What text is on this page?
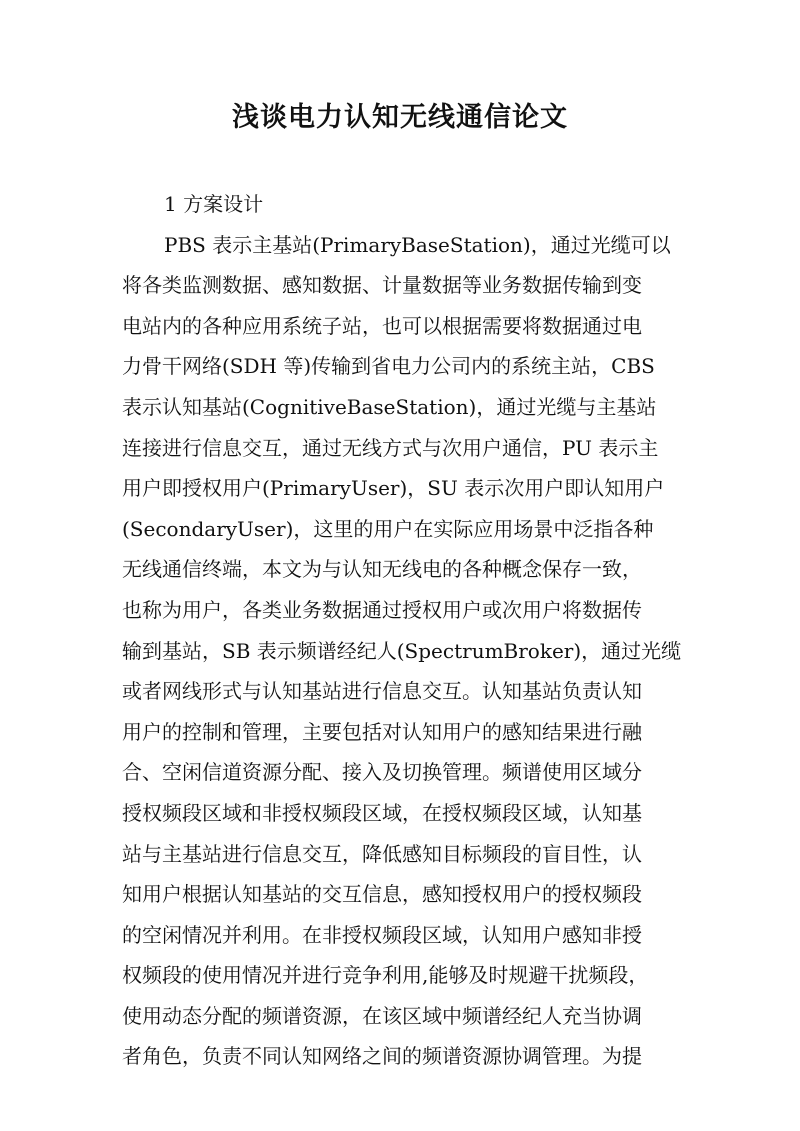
浅谈电力认知无线通信论文
1 方案设计
PBS 表示主基站(PrimaryBaseStation)，通过光缆可以
将各类监测数据、感知数据、计量数据等业务数据传输到变
电站内的各种应用系统子站，也可以根据需要将数据通过电
力骨干网络(SDH 等)传输到省电力公司内的系统主站，CBS
表示认知基站(CognitiveBaseStation)，通过光缆与主基站
连接进行信息交互，通过无线方式与次用户通信，PU 表示主
用户即授权用户(PrimaryUser)，SU 表示次用户即认知用户
(SecondaryUser)，这里的用户在实际应用场景中泛指各种
无线通信终端，本文为与认知无线电的各种概念保存一致，
也称为用户，各类业务数据通过授权用户或次用户将数据传
输到基站，SB 表示频谱经纪人(SpectrumBroker)，通过光缆
或者网线形式与认知基站进行信息交互。认知基站负责认知
用户的控制和管理，主要包括对认知用户的感知结果进行融
合、空闲信道资源分配、接入及切换管理。频谱使用区域分
授权频段区域和非授权频段区域，在授权频段区域，认知基
站与主基站进行信息交互，降低感知目标频段的盲目性，认
知用户根据认知基站的交互信息，感知授权用户的授权频段
的空闲情况并利用。在非授权频段区域，认知用户感知非授
权频段的使用情况并进行竞争利用,能够及时规避干扰频段，
使用动态分配的频谱资源，在该区域中频谱经纪人充当协调
者角色，负责不同认知网络之间的频谱资源协调管理。为提
